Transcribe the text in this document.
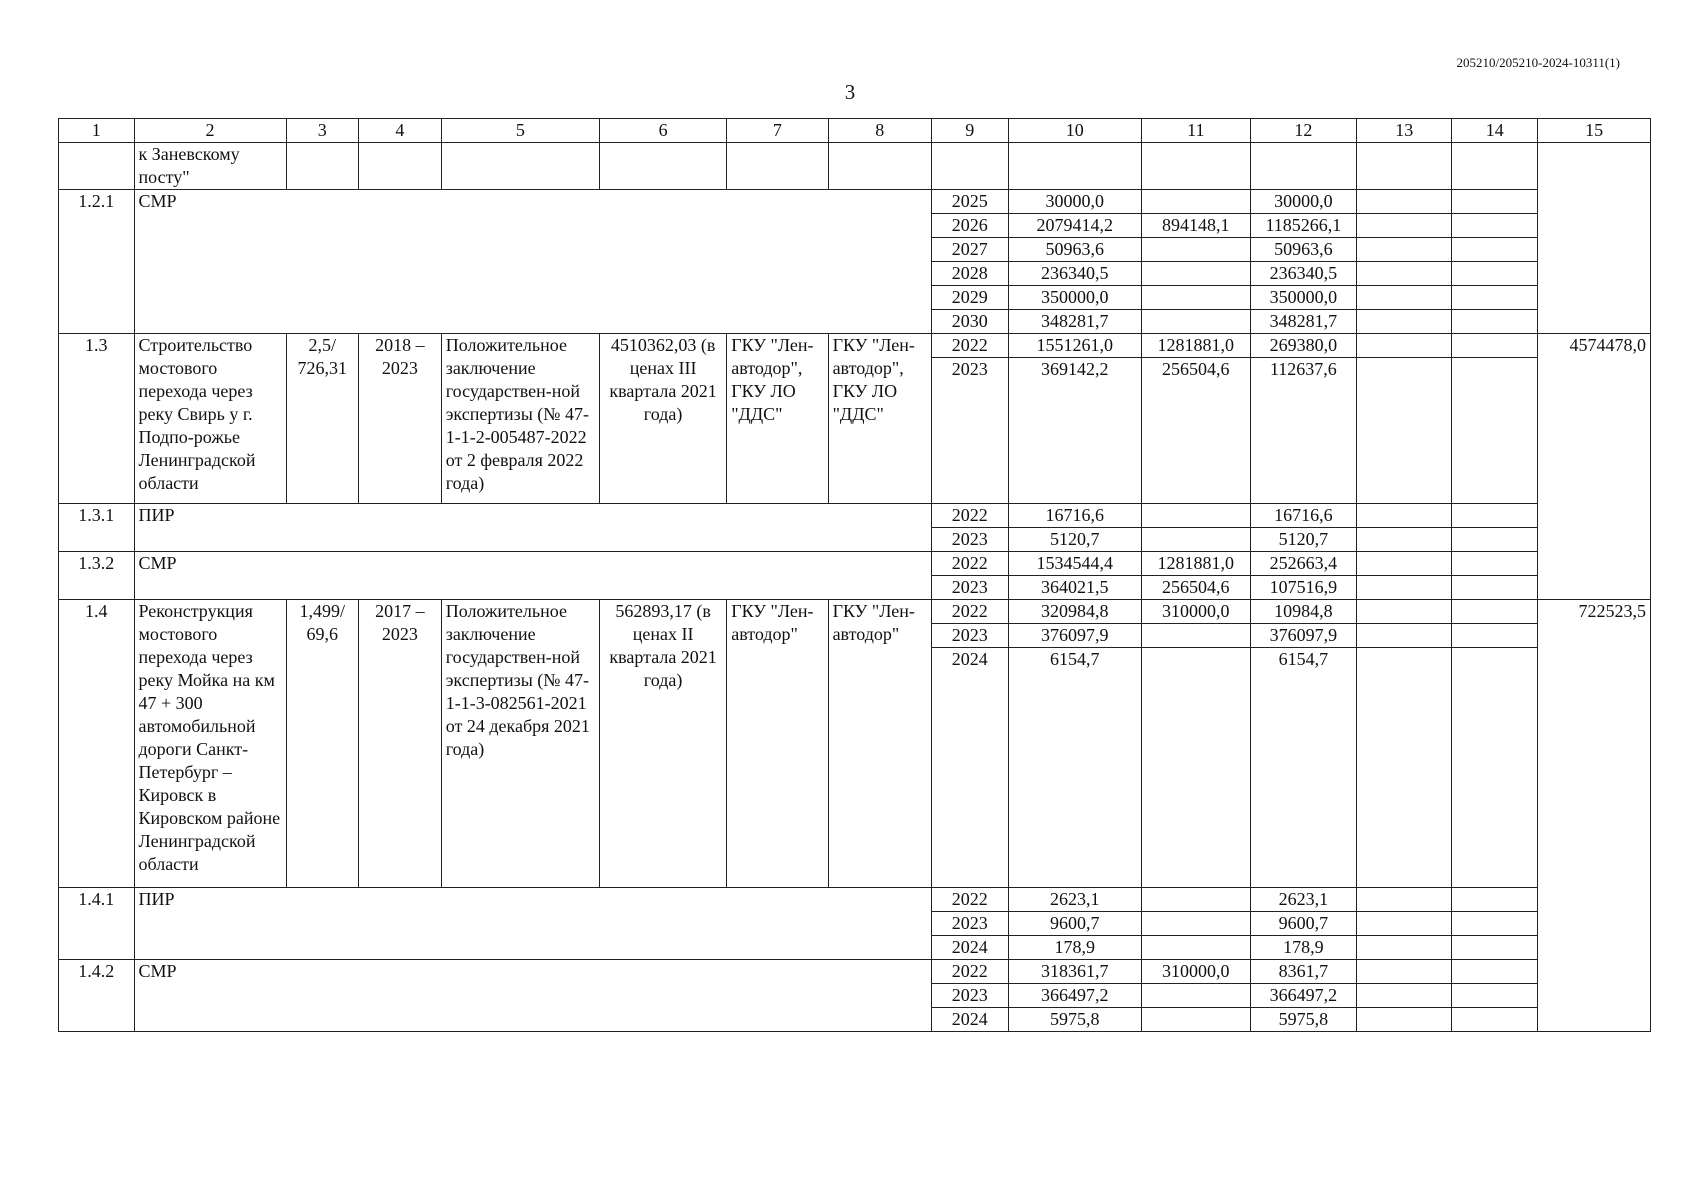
205210/205210-2024-10311(1)
3
1	2	3	4	5	6	7	8	9	10	11	12	13	14	15
	к Заневскому посту"													
1.2.1	СМР							2025	30000,0		30000,0			
								2026	2079414,2	894148,1	1185266,1			
								2027	50963,6		50963,6			
								2028	236340,5		236340,5			
								2029	350000,0		350000,0			
								2030	348281,7		348281,7			
1.3	Строительство мостового перехода через реку Свирь у г. Подпо-рожье Ленинградской области	2,5/ 726,31	2018 – 2023	Положительное заключение государствен-ной экспертизы (№ 47-1-1-2-005487-2022 от 2 февраля 2022 года)	4510362,03 (в ценах III квартала 2021 года)	ГКУ "Лен-автодор", ГКУ ЛО "ДДС"	ГКУ "Лен-автодор", ГКУ ЛО "ДДС"	2022	1551261,0	1281881,0	269380,0			4574478,0
								2023	369142,2	256504,6	112637,6			
1.3.1	ПИР							2022	16716,6		16716,6			
								2023	5120,7		5120,7			
1.3.2	СМР							2022	1534544,4	1281881,0	252663,4			
								2023	364021,5	256504,6	107516,9			
1.4	Реконструкция мостового перехода через реку Мойка на км 47 + 300 автомобильной дороги Санкт-Петербург – Кировск в Кировском районе Ленинградской области	1,499/ 69,6	2017 – 2023	Положительное заключение государствен-ной экспертизы (№ 47-1-1-3-082561-2021 от 24 декабря 2021 года)	562893,17 (в ценах II квартала 2021 года)	ГКУ "Лен-автодор"	ГКУ "Лен-автодор"	2022	320984,8	310000,0	10984,8			722523,5
								2023	376097,9		376097,9			
								2024	6154,7		6154,7			
1.4.1	ПИР							2022	2623,1		2623,1			
								2023	9600,7		9600,7			
								2024	178,9		178,9			
1.4.2	СМР							2022	318361,7	310000,0	8361,7			
								2023	366497,2		366497,2			
								2024	5975,8		5975,8			
